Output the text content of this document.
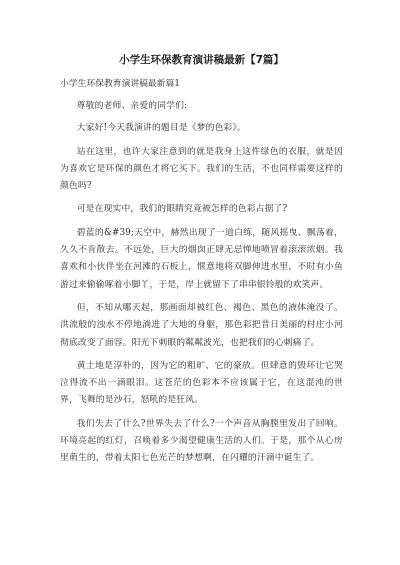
小学生环保教育演讲稿最新【7篇】
小学生环保教育演讲稿最新篇1

尊敬的老师、亲爱的同学们:

大家好!今天我演讲的题目是《梦的色彩》。

站在这里，也许大家注意到的就是我身上这件绿色的衣服，就是因为喜欢它是环保的颜色才将它买下。我们的生活，不也同样需要这样的颜色吗?

可是在现实中，我们的眼睛究竟被怎样的色彩占据了?

碧蓝的&#39;天空中，赫然出现了一道白练，随风摇曳、飘荡着，久久不肯散去。不远处，巨大的烟囱正肆无忌惮地喷冒着滚滚浓烟。我喜欢和小伙伴坐在河滩的石板上，惬意地将双脚伸进水里，不时有小鱼游过来偷偷啄着小脚丫，于是，岸上就留下了串串银铃般的欢笑声。

但，不知从哪天起，那画面却被红色、褐色、黑色的液体淹没了。洪流般的浊水不停地淌进了大地的身躯，那色彩把昔日美丽的村庄小河彻底改变了面容。阳光下刺眼的粼粼波光，也把我们的心刺痛了。

黄土地是淳朴的，因为它的粗旷、它的豪放。但肆意的毁坏让它哭泣得流不出一滴眼泪。这苍茫的色彩本不应该属于它，在这混沌的世界，飞舞的是沙石，怒吼的是狂风。

我们失去了什么?世界失去了什么?一个声音从胸膛里发出了回响。环境亮起的红灯，召唤着多少渴望健康生活的人们。于是，那个从心房里萌生的，带着太阳七色光芒的梦想啊，在闪耀的汗滴中诞生了。
